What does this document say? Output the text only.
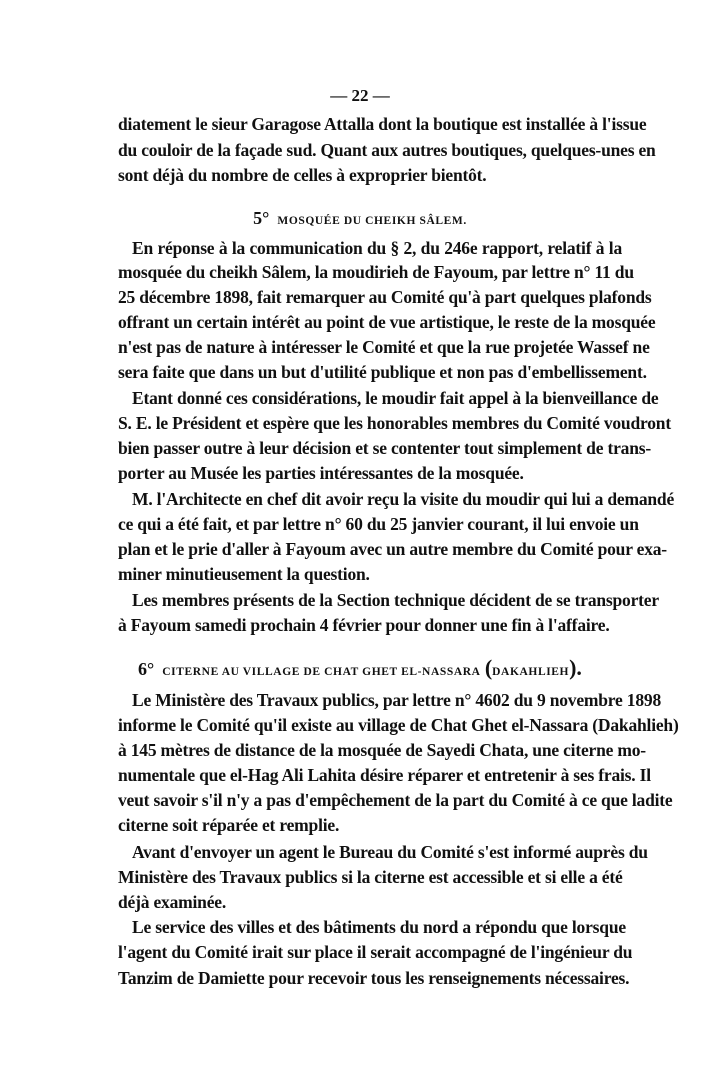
— 22 —
5° MOSQUÉE DU CHEIKH SÂLEM.
6° CITERNE AU VILLAGE DE CHAT GHET EL-NASSARA (DAKAHLIEH).
diatement le sieur Garagose Attalla dont la boutique est installée à l'issue
du couloir de la façade sud. Quant aux autres boutiques, quelques-unes en
sont déjà du nombre de celles à exproprier bientôt.
En réponse à la communication du § 2, du 246e rapport, relatif à la
mosquée du cheikh Sâlem, la moudirieh de Fayoum, par lettre n° 11 du
25 décembre 1898, fait remarquer au Comité qu'à part quelques plafonds
offrant un certain intérêt au point de vue artistique, le reste de la mosquée
n'est pas de nature à intéresser le Comité et que la rue projetée Wassef ne
sera faite que dans un but d'utilité publique et non pas d'embellissement.
Etant donné ces considérations, le moudir fait appel à la bienveillance de
S. E. le Président et espère que les honorables membres du Comité voudront
bien passer outre à leur décision et se contenter tout simplement de trans-
porter au Musée les parties intéressantes de la mosquée.
M. l'Architecte en chef dit avoir reçu la visite du moudir qui lui a demandé
ce qui a été fait, et par lettre n° 60 du 25 janvier courant, il lui envoie un
plan et le prie d'aller à Fayoum avec un autre membre du Comité pour exa-
miner minutieusement la question.
Les membres présents de la Section technique décident de se transporter
à Fayoum samedi prochain 4 février pour donner une fin à l'affaire.
Le Ministère des Travaux publics, par lettre n° 4602 du 9 novembre 1898
informe le Comité qu'il existe au village de Chat Ghet el-Nassara (Dakahlieh)
à 145 mètres de distance de la mosquée de Sayedi Chata, une citerne mo-
numentale que el-Hag Ali Lahita désire réparer et entretenir à ses frais. Il
veut savoir s'il n'y a pas d'empêchement de la part du Comité à ce que ladite
citerne soit réparée et remplie.
Avant d'envoyer un agent le Bureau du Comité s'est informé auprès du
Ministère des Travaux publics si la citerne est accessible et si elle a été
déjà examinée.
Le service des villes et des bâtiments du nord a répondu que lorsque
l'agent du Comité irait sur place il serait accompagné de l'ingénieur du
Tanzim de Damiette pour recevoir tous les renseignements nécessaires.
